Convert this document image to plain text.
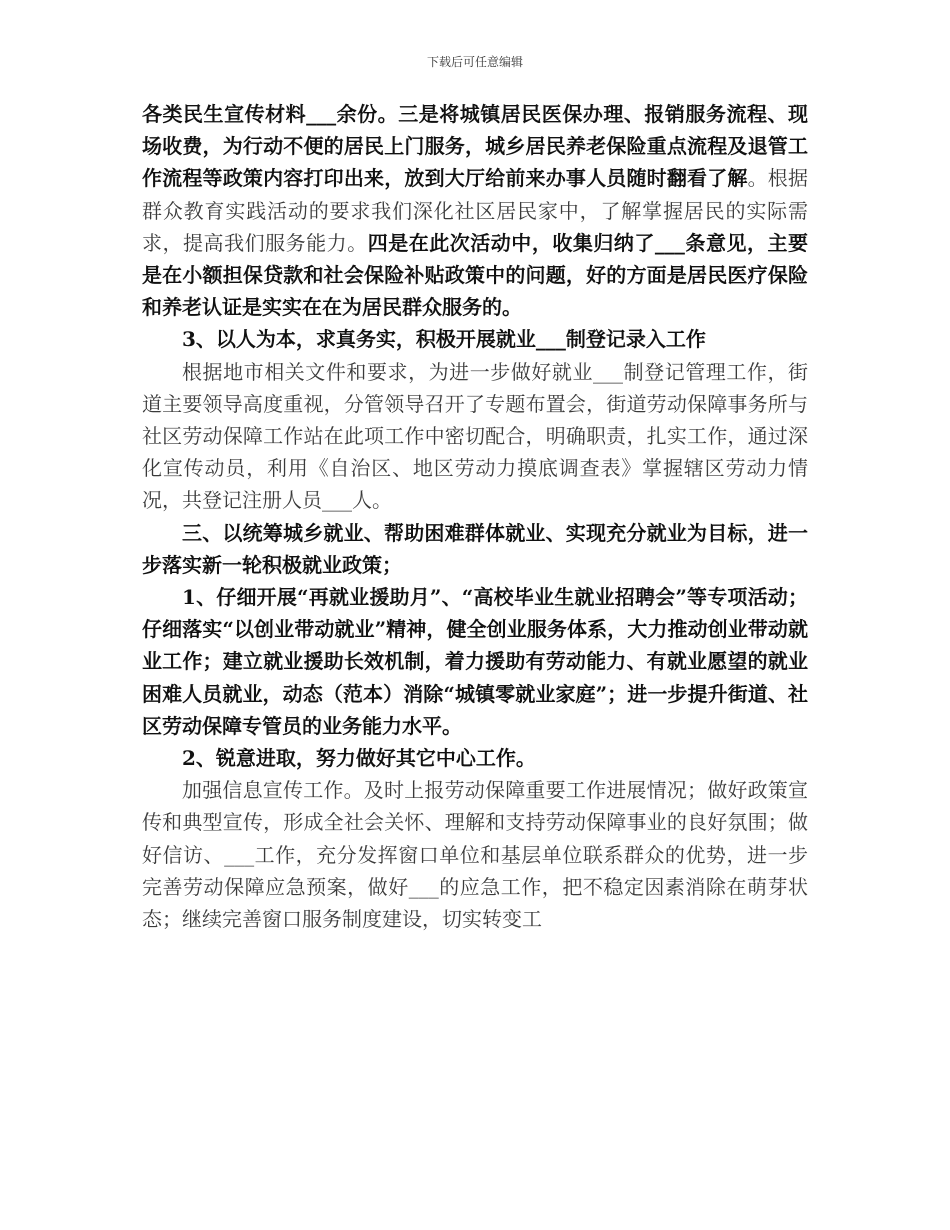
下载后可任意编辑

各类民生宣传材料___余份。三是将城镇居民医保办理、报销服务流程、现场收费，为行动不便的居民上门服务，城乡居民养老保险重点流程及退管工作流程等政策内容打印出来，放到大厅给前来办事人员随时翻看了解。根据群众教育实践活动的要求我们深化社区居民家中，了解掌握居民的实际需求，提高我们服务能力。四是在此次活动中，收集归纳了___条意见，主要是在小额担保贷款和社会保险补贴政策中的问题，好的方面是居民医疗保险和养老认证是实实在在为居民群众服务的。

3、以人为本，求真务实，积极开展就业___制登记录入工作

根据地市相关文件和要求，为进一步做好就业___制登记管理工作，街道主要领导高度重视，分管领导召开了专题布置会，街道劳动保障事务所与社区劳动保障工作站在此项工作中密切配合，明确职责，扎实工作，通过深化宣传动员，利用《自治区、地区劳动力摸底调查表》掌握辖区劳动力情况，共登记注册人员___人。

三、以统筹城乡就业、帮助困难群体就业、实现充分就业为目标，进一步落实新一轮积极就业政策；

1、仔细开展“再就业援助月”、“高校毕业生就业招聘会”等专项活动；仔细落实“以创业带动就业”精神，健全创业服务体系，大力推动创业带动就业工作；建立就业援助长效机制，着力援助有劳动能力、有就业愿望的就业困难人员就业，动态（范本）消除“城镇零就业家庭”；进一步提升街道、社区劳动保障专管员的业务能力水平。

2、锐意进取，努力做好其它中心工作。

加强信息宣传工作。及时上报劳动保障重要工作进展情况；做好政策宣传和典型宣传，形成全社会关怀、理解和支持劳动保障事业的良好氛围；做好信访、___工作，充分发挥窗口单位和基层单位联系群众的优势，进一步完善劳动保障应急预案，做好___的应急工作，把不稳定因素消除在萌芽状态；继续完善窗口服务制度建设，切实转变工
